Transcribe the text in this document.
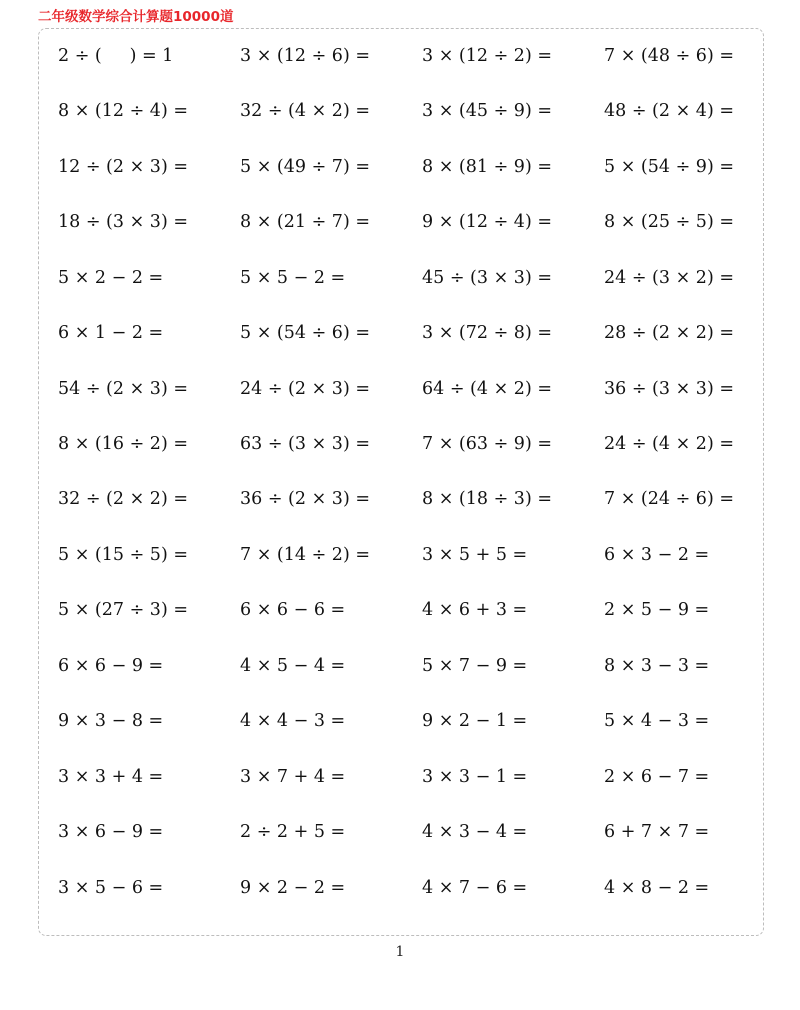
二年级数学综合计算题10000道
2 ÷ (     ) = 1	3 × (12 ÷ 6) =	3 × (12 ÷ 2) =	7 × (48 ÷ 6) =
8 × (12 ÷ 4) =	32 ÷ (4 × 2) =	3 × (45 ÷ 9) =	48 ÷ (2 × 4) =
12 ÷ (2 × 3) =	5 × (49 ÷ 7) =	8 × (81 ÷ 9) =	5 × (54 ÷ 9) =
18 ÷ (3 × 3) =	8 × (21 ÷ 7) =	9 × (12 ÷ 4) =	8 × (25 ÷ 5) =
5 × 2 − 2 =	5 × 5 − 2 =	45 ÷ (3 × 3) =	24 ÷ (3 × 2) =
6 × 1 − 2 =	5 × (54 ÷ 6) =	3 × (72 ÷ 8) =	28 ÷ (2 × 2) =
54 ÷ (2 × 3) =	24 ÷ (2 × 3) =	64 ÷ (4 × 2) =	36 ÷ (3 × 3) =
8 × (16 ÷ 2) =	63 ÷ (3 × 3) =	7 × (63 ÷ 9) =	24 ÷ (4 × 2) =
32 ÷ (2 × 2) =	36 ÷ (2 × 3) =	8 × (18 ÷ 3) =	7 × (24 ÷ 6) =
5 × (15 ÷ 5) =	7 × (14 ÷ 2) =	3 × 5 + 5 =	6 × 3 − 2 =
5 × (27 ÷ 3) =	6 × 6 − 6 =	4 × 6 + 3 =	2 × 5 − 9 =
6 × 6 − 9 =	4 × 5 − 4 =	5 × 7 − 9 =	8 × 3 − 3 =
9 × 3 − 8 =	4 × 4 − 3 =	9 × 2 − 1 =	5 × 4 − 3 =
3 × 3 + 4 =	3 × 7 + 4 =	3 × 3 − 1 =	2 × 6 − 7 =
3 × 6 − 9 =	2 ÷ 2 + 5 =	4 × 3 − 4 =	6 + 7 × 7 =
3 × 5 − 6 =	9 × 2 − 2 =	4 × 7 − 6 =	4 × 8 − 2 =
1
